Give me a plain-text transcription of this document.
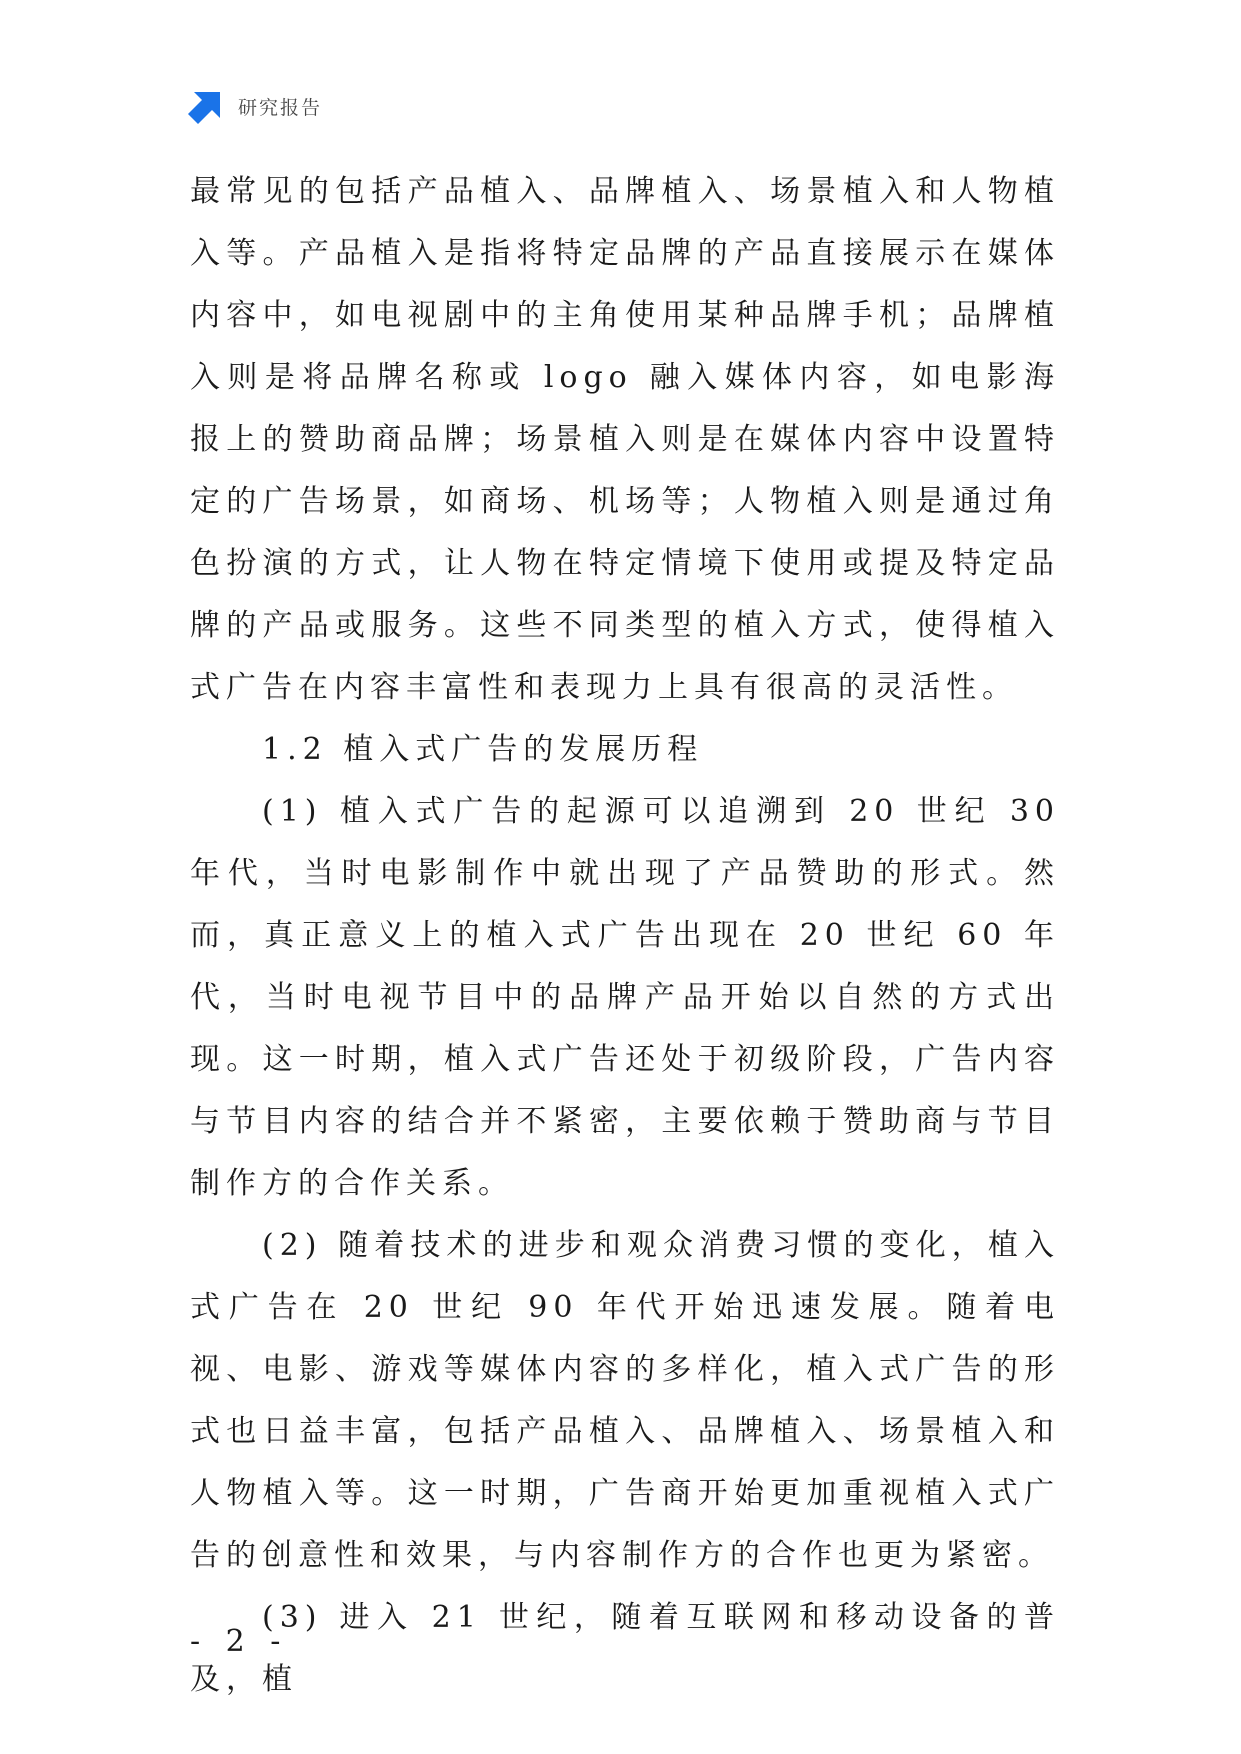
研究报告

最常见的包括产品植入、品牌植入、场景植入和人物植入等。产品植入是指将特定品牌的产品直接展示在媒体内容中，如电视剧中的主角使用某种品牌手机；品牌植入则是将品牌名称或 logo 融入媒体内容，如电影海报上的赞助商品牌；场景植入则是在媒体内容中设置特定的广告场景，如商场、机场等；人物植入则是通过角色扮演的方式，让人物在特定情境下使用或提及特定品牌的产品或服务。这些不同类型的植入方式，使得植入式广告在内容丰富性和表现力上具有很高的灵活性。

1.2 植入式广告的发展历程

(1) 植入式广告的起源可以追溯到 20 世纪 30 年代，当时电影制作中就出现了产品赞助的形式。然而，真正意义上的植入式广告出现在 20 世纪 60 年代，当时电视节目中的品牌产品开始以自然的方式出现。这一时期，植入式广告还处于初级阶段，广告内容与节目内容的结合并不紧密，主要依赖于赞助商与节目制作方的合作关系。

(2) 随着技术的进步和观众消费习惯的变化，植入式广告在 20 世纪 90 年代开始迅速发展。随着电视、电影、游戏等媒体内容的多样化，植入式广告的形式也日益丰富，包括产品植入、品牌植入、场景植入和人物植入等。这一时期，广告商开始更加重视植入式广告的创意性和效果，与内容制作方的合作也更为紧密。

(3) 进入 21 世纪，随着互联网和移动设备的普及，植

- 2 -
